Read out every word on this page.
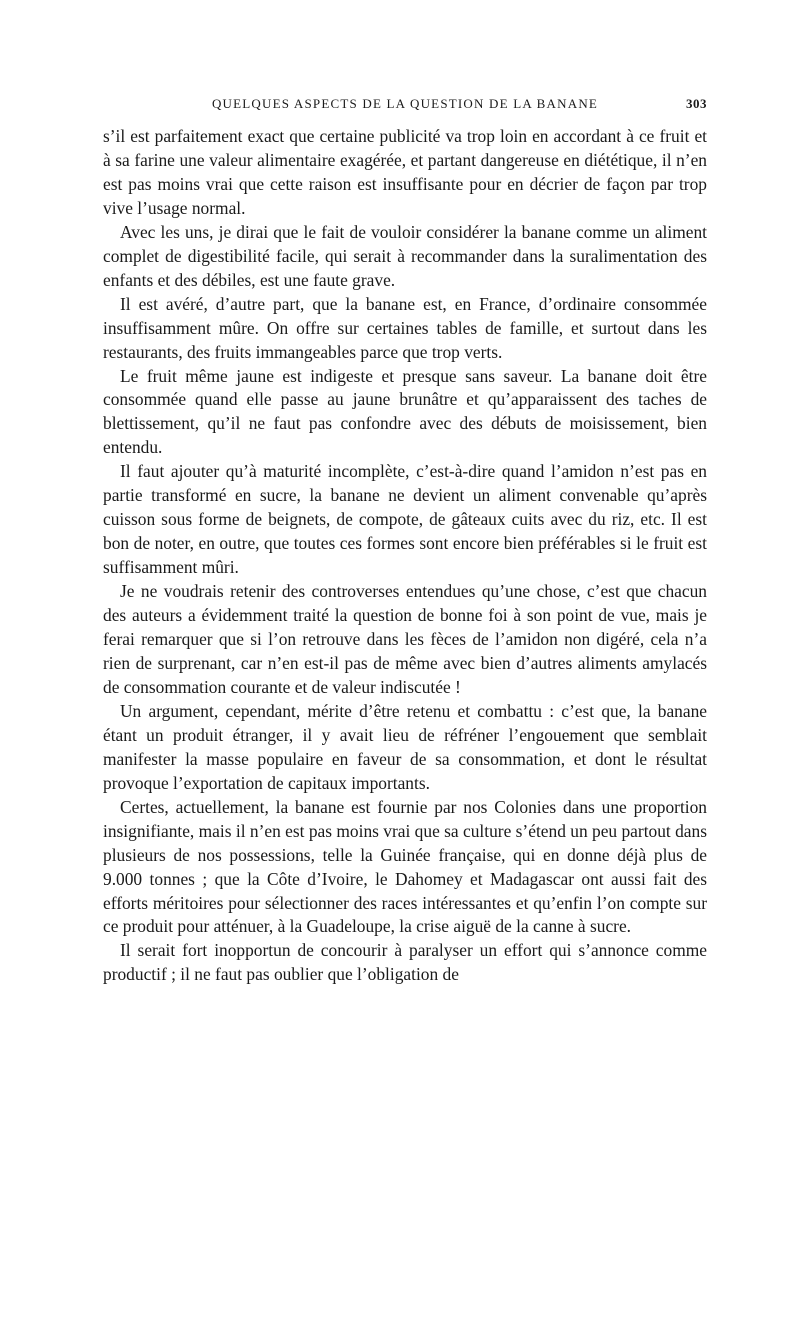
QUELQUES ASPECTS DE LA QUESTION DE LA BANANE	303

s’il est parfaitement exact que certaine publicité va trop loin en accordant à ce fruit et à sa farine une valeur alimentaire exagérée, et partant dangereuse en diététique, il n’en est pas moins vrai que cette raison est insuffisante pour en décrier de façon par trop vive l’usage normal.

Avec les uns, je dirai que le fait de vouloir considérer la banane comme un aliment complet de digestibilité facile, qui serait à recommander dans la suralimentation des enfants et des débiles, est une faute grave.

Il est avéré, d’autre part, que la banane est, en France, d’ordinaire consommée insuffisamment mûre. On offre sur certaines tables de famille, et surtout dans les restaurants, des fruits immangeables parce que trop verts.

Le fruit même jaune est indigeste et presque sans saveur. La banane doit être consommée quand elle passe au jaune brunâtre et qu’apparaissent des taches de blettissement, qu’il ne faut pas confondre avec des débuts de moisissement, bien entendu.

Il faut ajouter qu’à maturité incomplète, c’est-à-dire quand l’amidon n’est pas en partie transformé en sucre, la banane ne devient un aliment convenable qu’après cuisson sous forme de beignets, de compote, de gâteaux cuits avec du riz, etc. Il est bon de noter, en outre, que toutes ces formes sont encore bien préférables si le fruit est suffisamment mûri.

Je ne voudrais retenir des controverses entendues qu’une chose, c’est que chacun des auteurs a évidemment traité la question de bonne foi à son point de vue, mais je ferai remarquer que si l’on retrouve dans les fèces de l’amidon non digéré, cela n’a rien de surprenant, car n’en est-il pas de même avec bien d’autres aliments amylacés de consommation courante et de valeur indiscutée !

Un argument, cependant, mérite d’être retenu et combattu : c’est que, la banane étant un produit étranger, il y avait lieu de réfréner l’engouement que semblait manifester la masse populaire en faveur de sa consommation, et dont le résultat provoque l’exportation de capitaux importants.

Certes, actuellement, la banane est fournie par nos Colonies dans une proportion insignifiante, mais il n’en est pas moins vrai que sa culture s’étend un peu partout dans plusieurs de nos possessions, telle la Guinée française, qui en donne déjà plus de 9.000 tonnes ; que la Côte d’Ivoire, le Dahomey et Madagascar ont aussi fait des efforts méritoires pour sélectionner des races intéressantes et qu’enfin l’on compte sur ce produit pour atténuer, à la Guadeloupe, la crise aiguë de la canne à sucre.

Il serait fort inopportun de concourir à paralyser un effort qui s’annonce comme productif ; il ne faut pas oublier que l’obligation de
